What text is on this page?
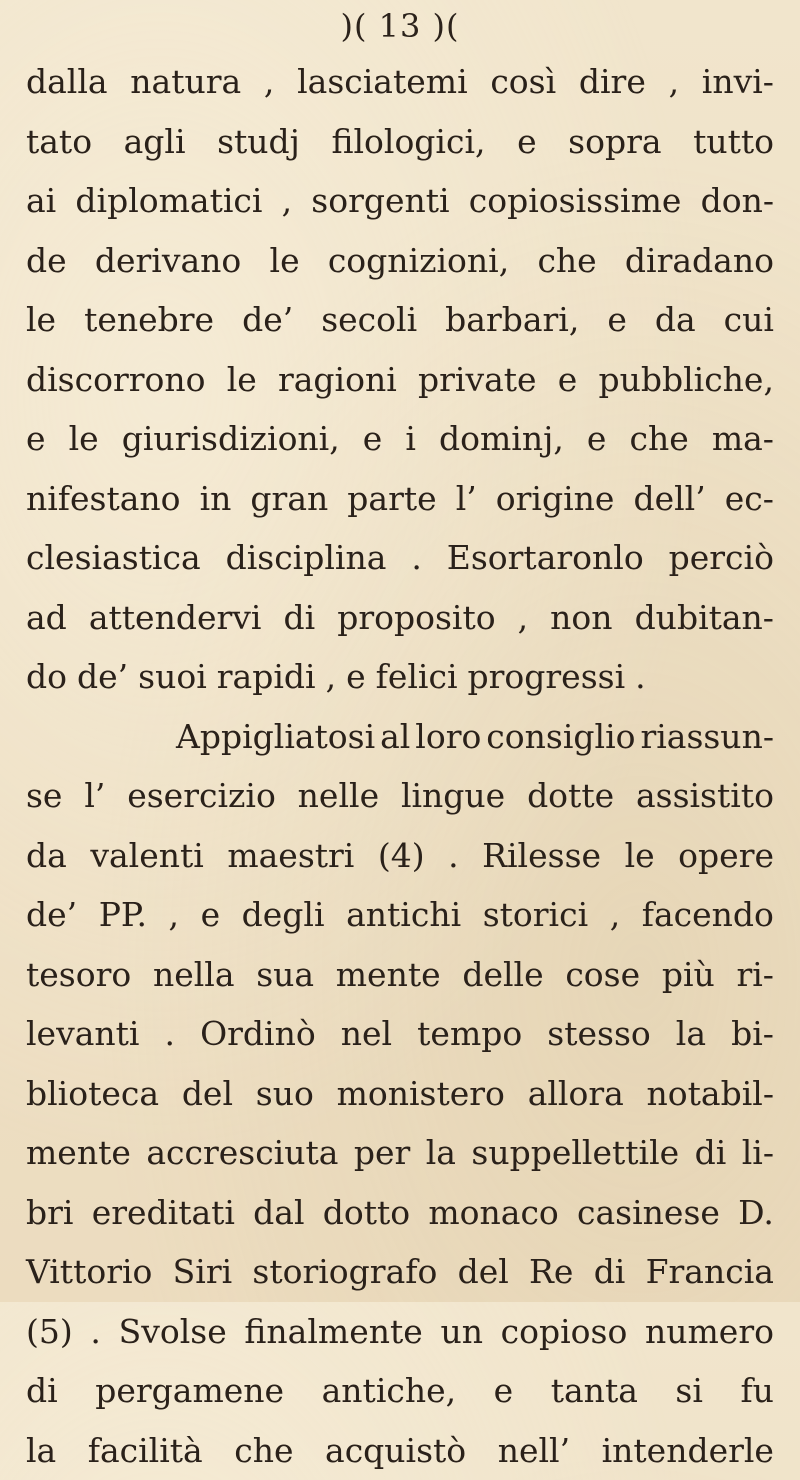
)( 13 )(
dalla natura , lasciatemi così dire , invi-
tato agli studj filologici, e sopra tutto
ai diplomatici , sorgenti copiosissime don-
de derivano le cognizioni, che diradano
le tenebre de’ secoli barbari, e da cui
discorrono le ragioni private e pubbliche,
e le giurisdizioni, e i dominj, e che ma-
nifestano in gran parte l’ origine dell’ ec-
clesiastica disciplina . Esortaronlo perciò
ad attendervi di proposito , non dubitan-
do de’ suoi rapidi , e felici progressi .
Appigliatosi al loro consiglio riassun-
se l’ esercizio nelle lingue dotte assistito
da valenti maestri (4) . Rilesse le opere
de’ PP. , e degli antichi storici , facendo
tesoro nella sua mente delle cose più ri-
levanti . Ordinò nel tempo stesso la bi-
blioteca del suo monistero allora notabil-
mente accresciuta per la suppellettile di li-
bri ereditati dal dotto monaco casinese D.
Vittorio Siri storiografo del Re di Francia
(5) . Svolse finalmente un copioso numero
di pergamene antiche, e tanta si fu
la facilità che acquistò nell’ intenderle
